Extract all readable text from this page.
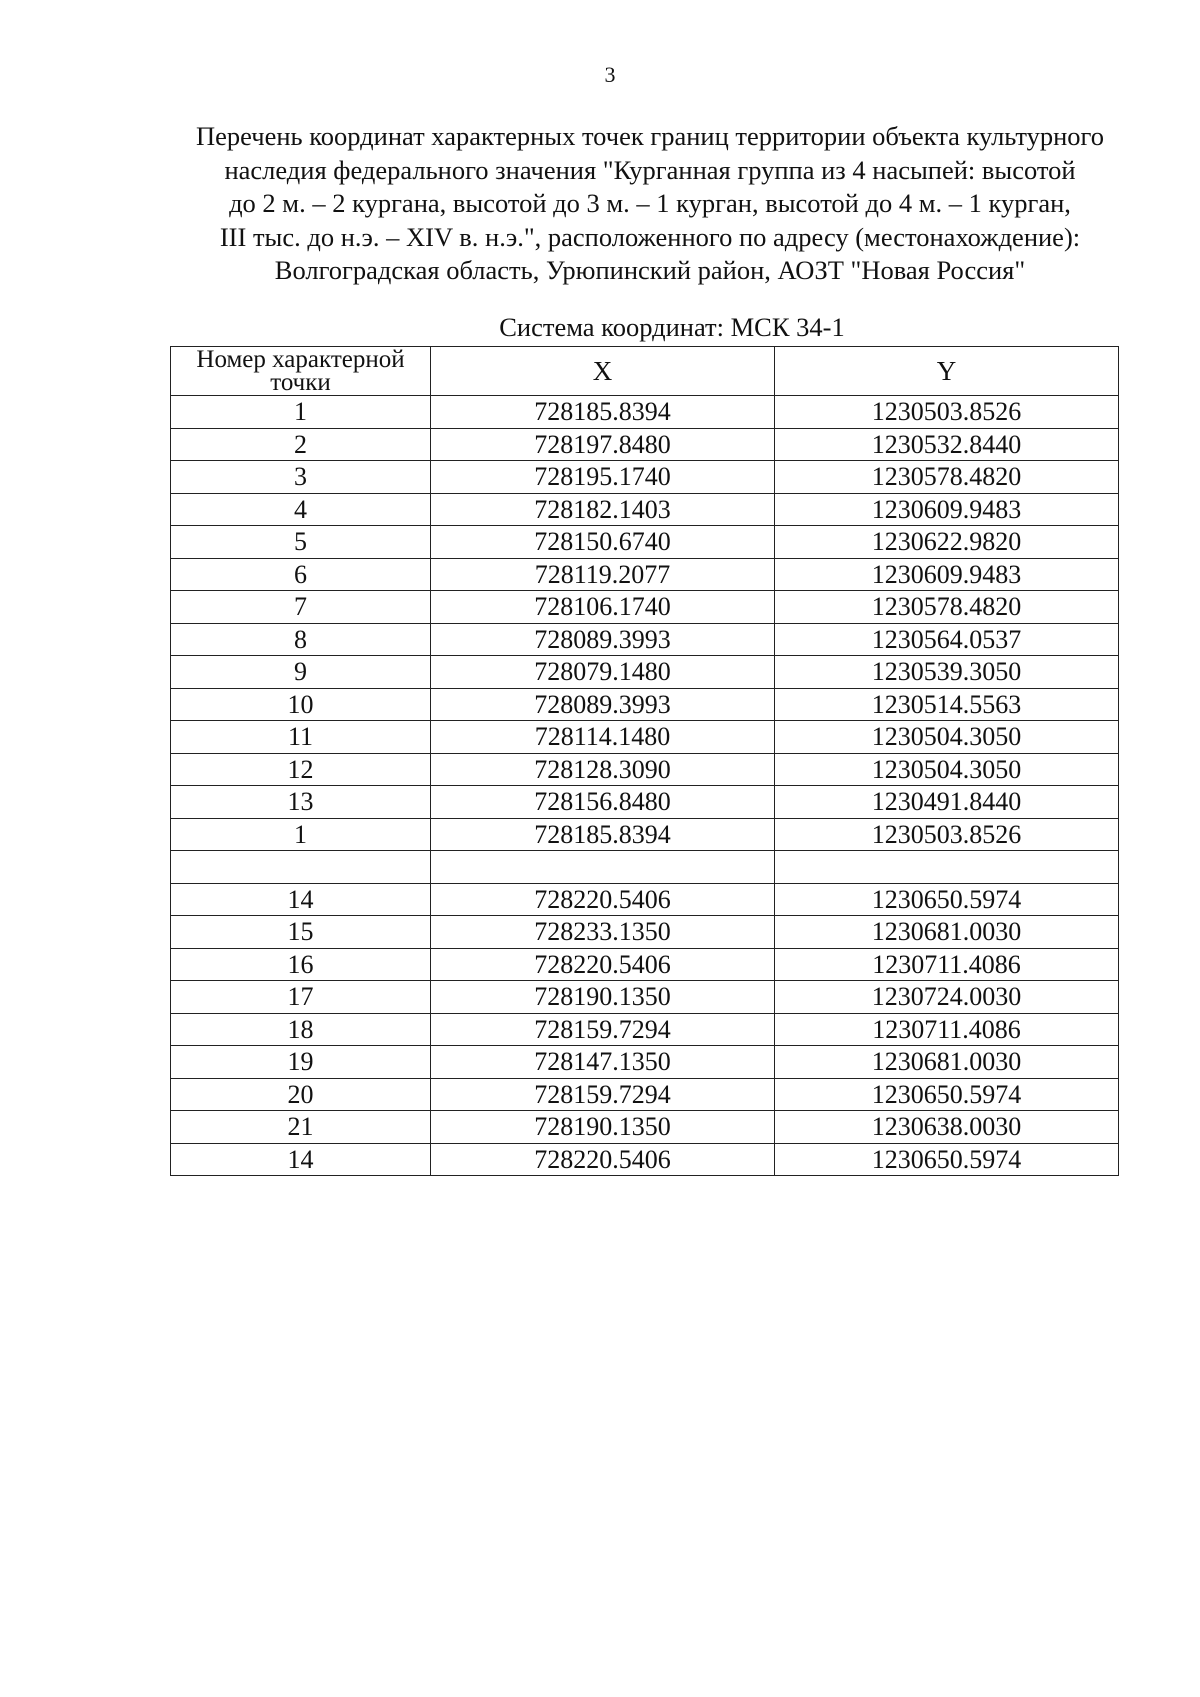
3
Перечень координат характерных точек границ территории объекта культурного
наследия федерального значения "Курганная группа из 4 насыпей: высотой
до 2 м. – 2 кургана, высотой до 3 м. – 1 курган, высотой до 4 м. – 1 курган,
III тыс. до н.э. – XIV в. н.э.", расположенного по адресу (местонахождение):
Волгоградская область, Урюпинский район, АОЗТ "Новая Россия"
Система координат: МСК 34-1
Номер характерной
точки	X	Y
1	728185.8394	1230503.8526
2	728197.8480	1230532.8440
3	728195.1740	1230578.4820
4	728182.1403	1230609.9483
5	728150.6740	1230622.9820
6	728119.2077	1230609.9483
7	728106.1740	1230578.4820
8	728089.3993	1230564.0537
9	728079.1480	1230539.3050
10	728089.3993	1230514.5563
11	728114.1480	1230504.3050
12	728128.3090	1230504.3050
13	728156.8480	1230491.8440
1	728185.8394	1230503.8526

14	728220.5406	1230650.5974
15	728233.1350	1230681.0030
16	728220.5406	1230711.4086
17	728190.1350	1230724.0030
18	728159.7294	1230711.4086
19	728147.1350	1230681.0030
20	728159.7294	1230650.5974
21	728190.1350	1230638.0030
14	728220.5406	1230650.5974
